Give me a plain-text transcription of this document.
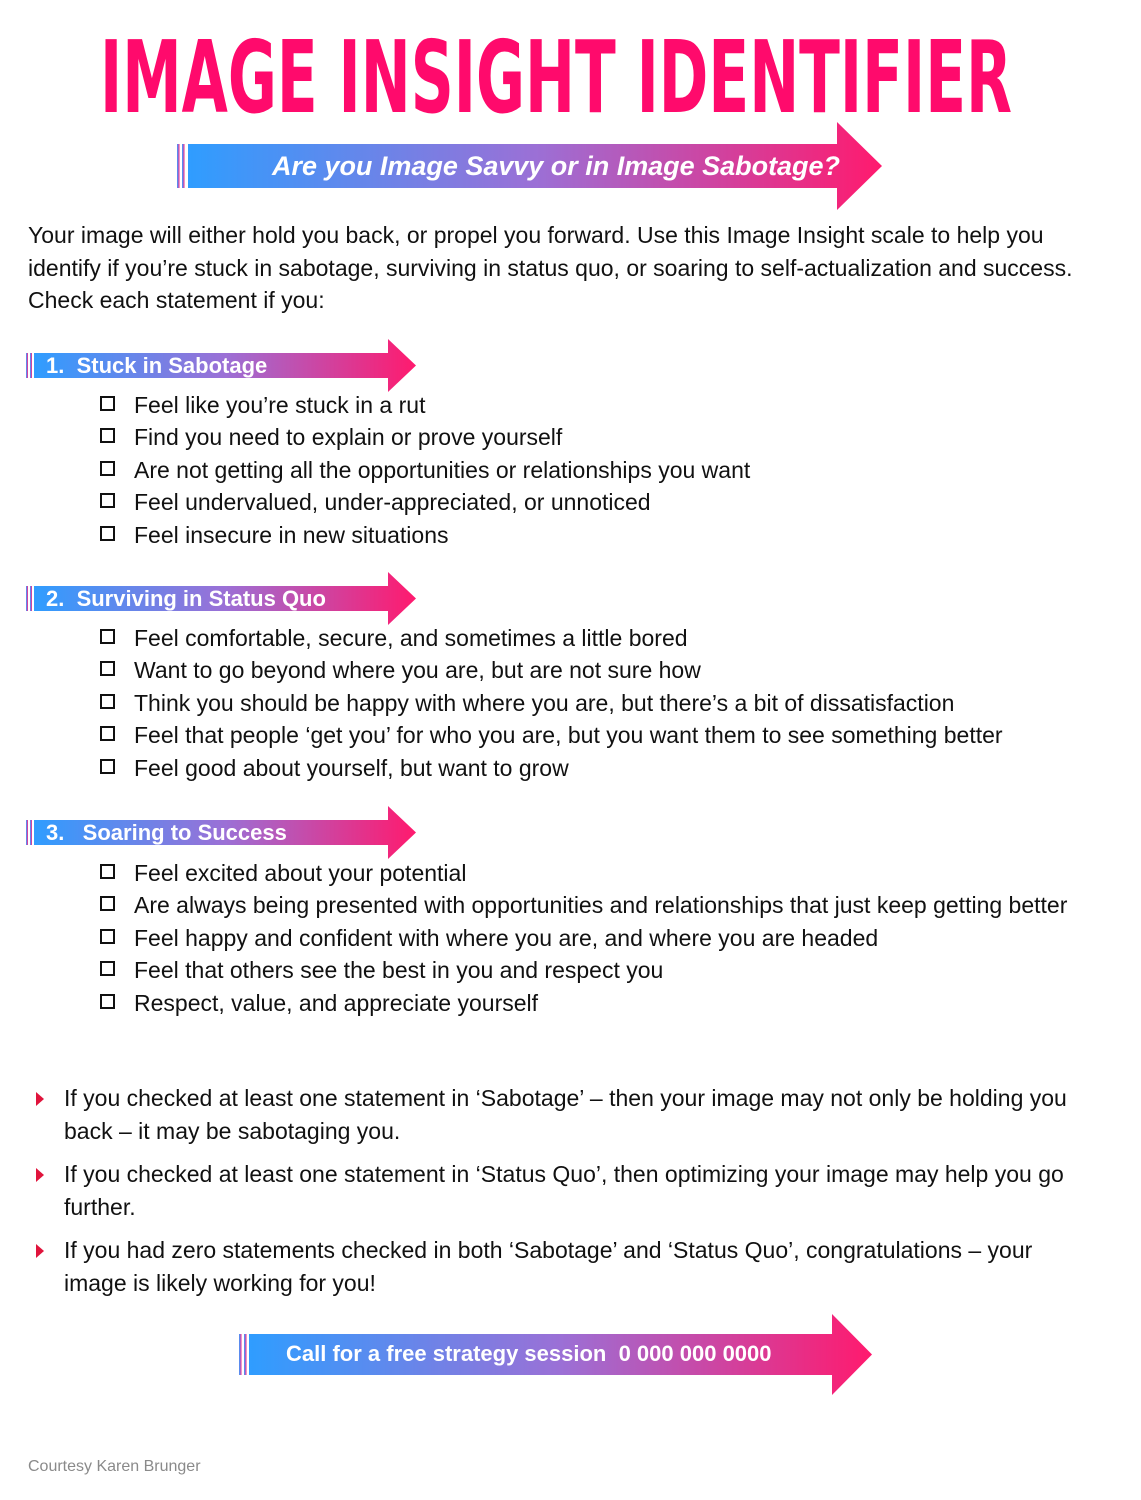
IMAGE INSIGHT IDENTIFIER
Are you Image Savvy or in Image Sabotage?

Your image will either hold you back, or propel you forward. Use this Image Insight scale to help you identify if you’re stuck in sabotage, surviving in status quo, or soaring to self-actualization and success. Check each statement if you:

1.  Stuck in Sabotage
Feel like you’re stuck in a rut
Find you need to explain or prove yourself
Are not getting all the opportunities or relationships you want
Feel undervalued, under-appreciated, or unnoticed
Feel insecure in new situations
2.  Surviving in Status Quo
Feel comfortable, secure, and sometimes a little bored
Want to go beyond where you are, but are not sure how
Think you should be happy with where you are, but there’s a bit of dissatisfaction
Feel that people ‘get you’ for who you are, but you want them to see something better
Feel good about yourself, but want to grow
3.   Soaring to Success
Feel excited about your potential
Are always being presented with opportunities and relationships that just keep getting better
Feel happy and confident with where you are, and where you are headed
Feel that others see the best in you and respect you
Respect, value, and appreciate yourself
If you checked at least one statement in ‘Sabotage’ – then your image may not only be holding you back – it may be sabotaging you.
If you checked at least one statement in ‘Status Quo’, then optimizing your image may help you go further.
If you had zero statements checked in both ‘Sabotage’ and ‘Status Quo’, congratulations – your image is likely working for you!
Call for a free strategy session  0 000 000 0000
Courtesy Karen Brunger
